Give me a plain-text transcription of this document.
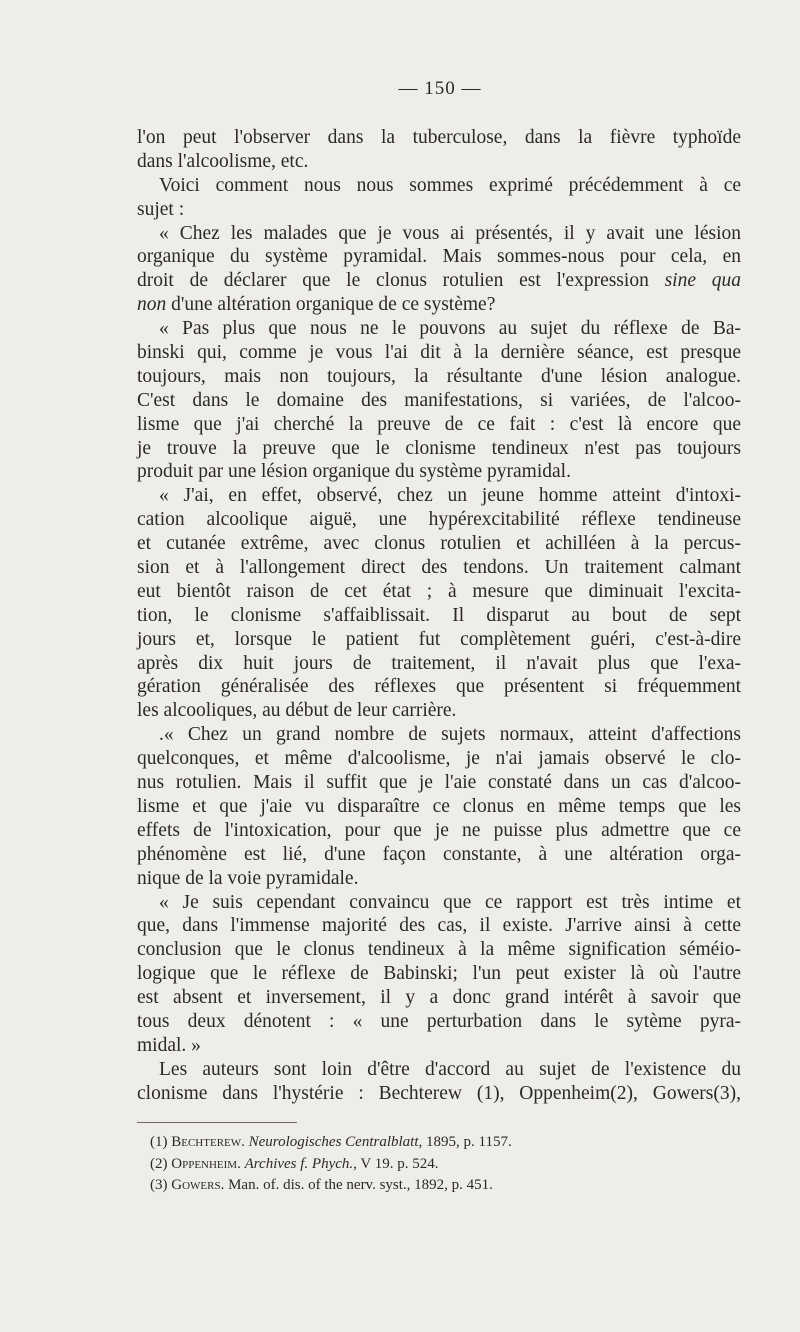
— 150 —
l'on peut l'observer dans la tuberculose, dans la fièvre typhoïde
dans l'alcoolisme, etc.
Voici comment nous nous sommes exprimé précédemment à ce
sujet :
« Chez les malades que je vous ai présentés, il y avait une lésion
organique du système pyramidal. Mais sommes-nous pour cela, en
droit de déclarer que le clonus rotulien est l'expression sine qua
non d'une altération organique de ce système?
« Pas plus que nous ne le pouvons au sujet du réflexe de Ba-
binski qui, comme je vous l'ai dit à la dernière séance, est presque
toujours, mais non toujours, la résultante d'une lésion analogue.
C'est dans le domaine des manifestations, si variées, de l'alcoo-
lisme que j'ai cherché la preuve de ce fait : c'est là encore que
je trouve la preuve que le clonisme tendineux n'est pas toujours
produit par une lésion organique du système pyramidal.
« J'ai, en effet, observé, chez un jeune homme atteint d'intoxi-
cation alcoolique aiguë, une hypérexcitabilité réflexe tendineuse
et cutanée extrême, avec clonus rotulien et achilléen à la percus-
sion et à l'allongement direct des tendons. Un traitement calmant
eut bientôt raison de cet état ; à mesure que diminuait l'excita-
tion, le clonisme s'affaiblissait. Il disparut au bout de sept
jours et, lorsque le patient fut complètement guéri, c'est-à-dire
après dix huit jours de traitement, il n'avait plus que l'exa-
gération généralisée des réflexes que présentent si fréquemment
les alcooliques, au début de leur carrière.
.« Chez un grand nombre de sujets normaux, atteint d'affections
quelconques, et même d'alcoolisme, je n'ai jamais observé le clo-
nus rotulien. Mais il suffit que je l'aie constaté dans un cas d'alcoo-
lisme et que j'aie vu disparaître ce clonus en même temps que les
effets de l'intoxication, pour que je ne puisse plus admettre que ce
phénomène est lié, d'une façon constante, à une altération orga-
nique de la voie pyramidale.
« Je suis cependant convaincu que ce rapport est très intime et
que, dans l'immense majorité des cas, il existe. J'arrive ainsi à cette
conclusion que le clonus tendineux à la même signification séméio-
logique que le réflexe de Babinski; l'un peut exister là où l'autre
est absent et inversement, il y a donc grand intérêt à savoir que
tous deux dénotent : « une perturbation dans le sytème pyra-
midal. »
Les auteurs sont loin d'être d'accord au sujet de l'existence du
clonisme dans l'hystérie : Bechterew (1), Oppenheim(2), Gowers(3),
(1) Bechterew. Neurologisches Centralblatt, 1895, p. 1157.
(2) Oppenheim. Archives f. Phych., V 19. p. 524.
(3) Gowers. Man. of. dis. of the nerv. syst., 1892, p. 451.
